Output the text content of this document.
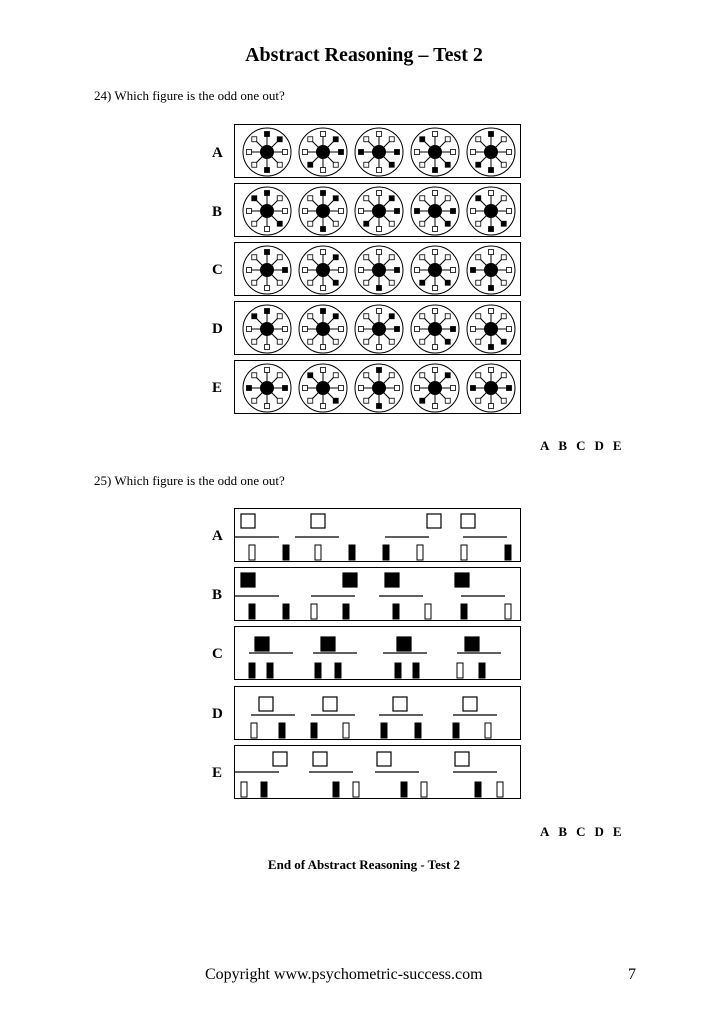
Abstract Reasoning – Test 2
24) Which figure is the odd one out?
A
B
C
D
E
A B C D E
25) Which figure is the odd one out?
A
B
C
D
E
A B C D E
End of Abstract Reasoning - Test 2
Copyright www.psychometric-success.com	7
